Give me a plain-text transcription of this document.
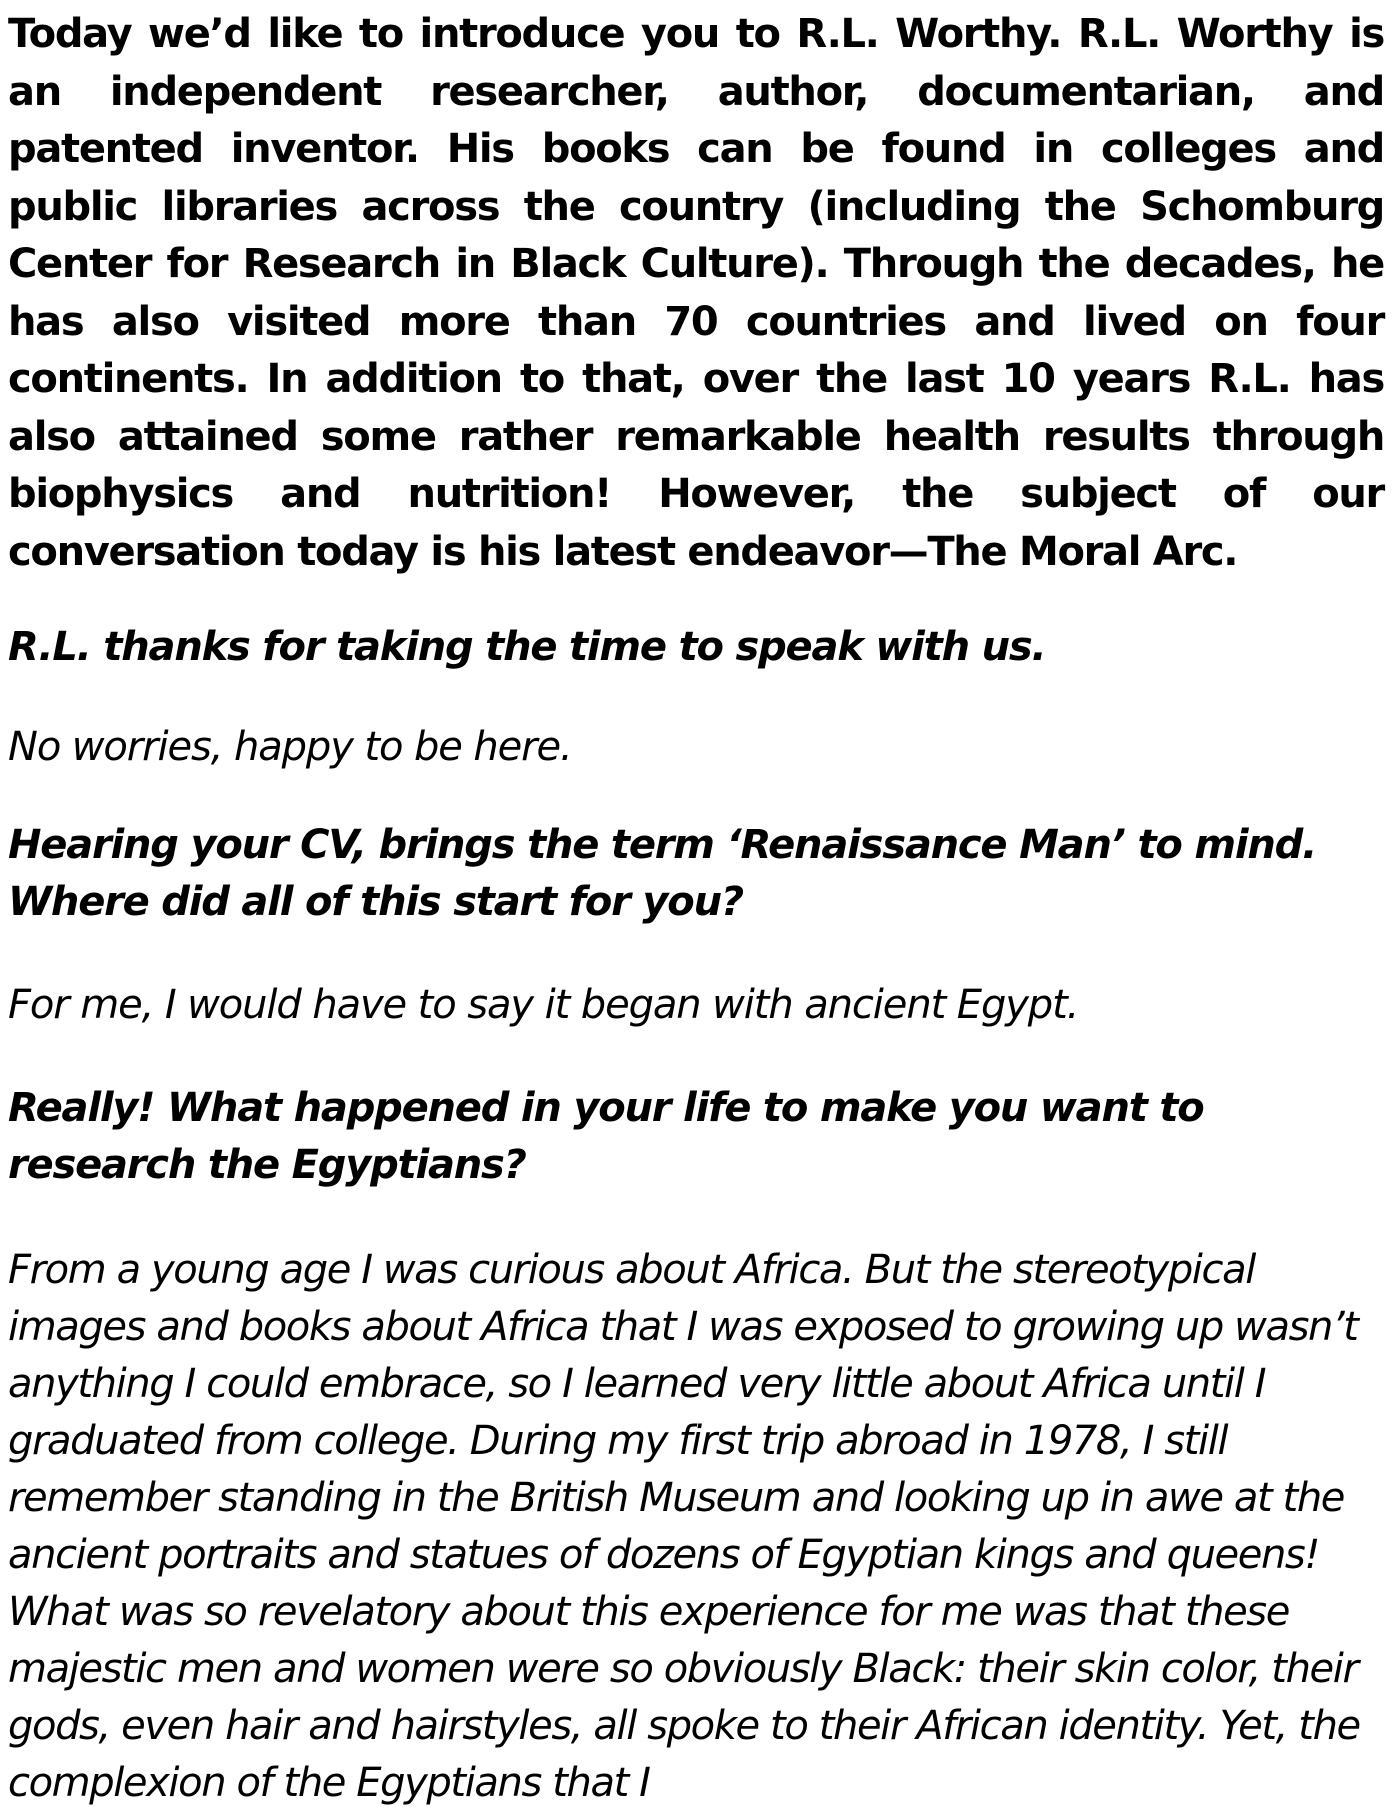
Today we’d like to introduce you to R.L. Worthy. R.L. Worthy is an independent researcher, author, documentarian, and patented inventor. His books can be found in colleges and public libraries across the country (including the Schomburg Center for Research in Black Culture). Through the decades, he has also visited more than 70 countries and lived on four continents. In addition to that, over the last 10 years R.L. has also attained some rather remarkable health results through biophysics and nutrition! However, the subject of our conversation today is his latest endeavor—The Moral Arc.

R.L. thanks for taking the time to speak with us.

No worries, happy to be here.

Hearing your CV, brings the term ‘Renaissance Man’ to mind. Where did all of this start for you?

For me, I would have to say it began with ancient Egypt.

Really! What happened in your life to make you want to research the Egyptians?

From a young age I was curious about Africa. But the stereotypical images and books about Africa that I was exposed to growing up wasn’t anything I could embrace, so I learned very little about Africa until I graduated from college. During my first trip abroad in 1978, I still remember standing in the British Museum and looking up in awe at the ancient portraits and statues of dozens of Egyptian kings and queens! What was so revelatory about this experience for me was that these majestic men and women were so obviously Black: their skin color, their gods, even hair and hairstyles, all spoke to their African identity. Yet, the complexion of the Egyptians that I
